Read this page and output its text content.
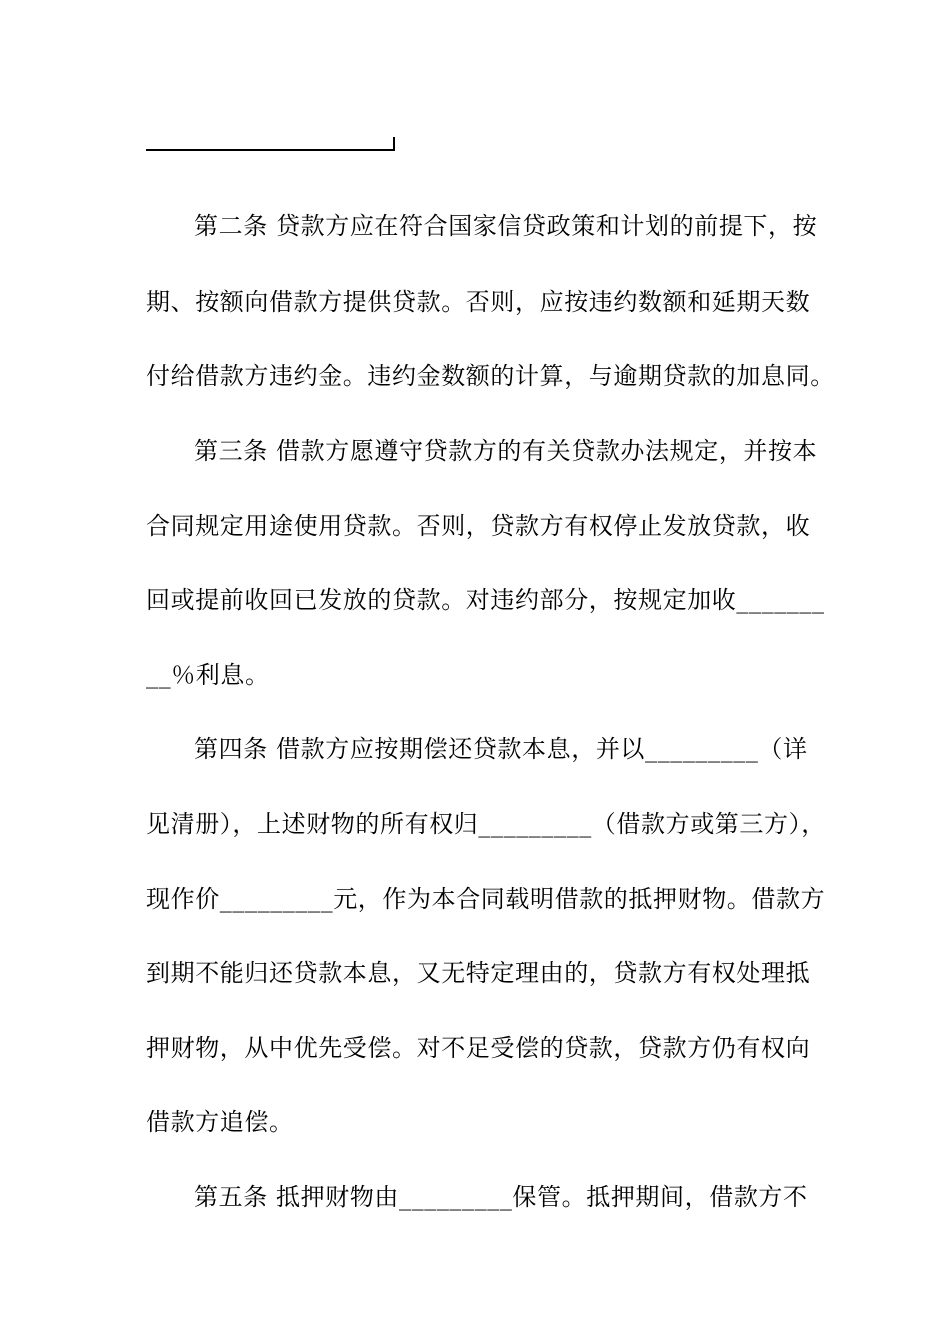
第二条 贷款方应在符合国家信贷政策和计划的前提下，按
期、按额向借款方提供贷款。否则，应按违约数额和延期天数
付给借款方违约金。违约金数额的计算，与逾期贷款的加息同。
第三条 借款方愿遵守贷款方的有关贷款办法规定，并按本
合同规定用途使用贷款。否则，贷款方有权停止发放贷款，收
回或提前收回已发放的贷款。对违约部分，按规定加收_______
__％利息。
第四条 借款方应按期偿还贷款本息，并以_________（详
见清册），上述财物的所有权归_________（借款方或第三方），
现作价_________元，作为本合同载明借款的抵押财物。借款方
到期不能归还贷款本息，又无特定理由的，贷款方有权处理抵
押财物，从中优先受偿。对不足受偿的贷款，贷款方仍有权向
借款方追偿。
第五条 抵押财物由_________保管。抵押期间，借款方不
